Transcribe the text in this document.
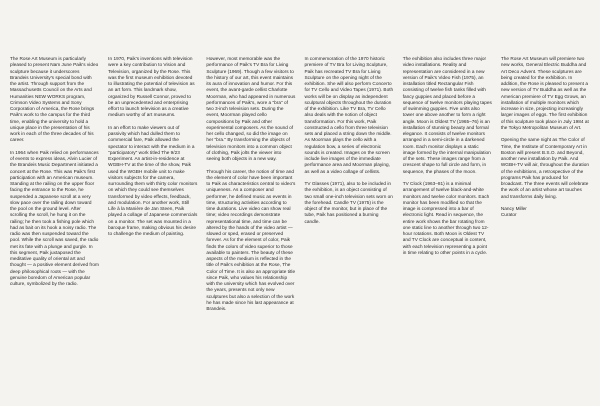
The Rose Art Museum is particularly pleased to present Nam June Paik's video sculpture because it underscores Brandeis University's special bond with the artist. Through support from the Massachusetts Council on the Arts and Humanities NEW WORKS program, Crimson Video Systems and Sony Corporation of America, the Rose brings Paik's work to the campus for the third time, enabling the university to hold a unique place in the presentation of his work in each of the three decades of his career.

In 1964 when Paik relied on performances of events to express ideas, Alvin Lucier of the Brandeis Music Department initiated a concert at the Rose. This was Paik's first participation with an American museum. Standing at the railing on the upper floor facing the entrance to the Rose, he suspended a Japanese scroll at a very slow pace over the railing down toward the pool on the ground level. After scrolling the scroll, he hung it on the railing; he then took a fishing pole which had as bait on its hook a noisy radio. The radio was then suspended toward the pool. While the scroll was saved, the radio met its fate with a plunge and gurgle. In this segment, Paik juxtaposed the meditative quality of oriental art and thought — a positive element derived from deep philosophical roots — with the genuine boredom of American popular culture, symbolized by the radio.

In 1970, Paik's inventions with television were a key contribution to Vision and Television, organized by the Rose. This was the first museum exhibition devoted to illustrating the potential of television as an art form. This landmark show, organized by Russell Connor, proved to be an unprecedented and enterprising effort to launch television as a creative medium worthy of art museums.

In an effort to make viewers out of passivity which had dulled them to commercial fare, Paik allowed the spectator to interact with the medium in a "participatory" work titled The 9/23 Experiment. An artist-in-residence at WGBH-TV at the time of the show, Paik used the WGBH mobile unit to make visitors subjects for the camera, surrounding them with thirty color monitors on which they could see themselves transformed by video effects, feedback, and modulation. For another work, Still Life à la Manière de Jan Steen, Paik played a collage of Japanese commercials on a monitor. The set was mounted in a baroque frame, making obvious his desire to challenge the medium of painting.

However, most memorable was the performance of Paik's TV Bra for Living Sculpture (1969). Though a few visitors to the history of our art, this event maintains its aura of innovation and humor. For this event, the avant-garde cellist Charlotte Moorman, who had appeared in numerous performances of Paik's, wore a "bra" of two 3-inch television sets. During the event, Moorman played cello compositions by Paik and other experimental composers. As the sound of her cello changed, so did the image on her "bra." By transforming the objects of television monitors into a common object of clothing, Paik jolts the viewer into seeing both objects in a new way.

Through his career, the notion of time and the element of color have been important to Paik as characteristics central to video's uniqueness. As a composer and performer, he defined music as events in time, structuring activities according to time durations. Live video can show real time; video recordings demonstrate representational time, and time can be altered by the hands of the video artist — slowed or sped, erased or preserved forever. As for the element of color, Paik finds the colors of video superior to those available to painters. The beauty of these aspects of the medium is reflected in the title of Paik's exhibition at the Rose, The Color of Time. It is also an appropriate title since Paik, who values his relationship with the university which has evolved over the years, presents not only new sculptures but also a selection of the work he has made since his last appearance at Brandeis.

In commemoration of the 1970 historic premiere of TV Bra for Living Sculpture, Paik has recreated TV Bra for Living Sculpture on the opening night of the exhibition. She will also perform Concerto for TV Cello and Video Tapes (1971). Both works will be on display as independent sculptural objects throughout the duration of the exhibition. Like TV Bra, TV Cello also deals with the notion of object transformation. For this work, Paik constructed a cello from three television sets and placed a string down the middle. As Moorman plays the cello with a regulation bow, a series of electronic sounds is created. Images on the screen include live images of the immediate performance area and Moorman playing, as well as a video collage of cellists.

TV Glasses (1971), also to be included in the exhibition, is an object consisting of two small one-inch television sets worn on the forehead. Candle TV (1975) is the object of the monitor, but in place of the tube, Paik has positioned a burning candle.

The exhibition also includes three major video installations. Reality and representation are considered in a new version of Paik's Video Fish (1975), an installation titled Rectangular Fish consisting of twelve fish tanks filled with fancy guppies and placed before a sequence of twelve monitors playing tapes of swimming guppies. Five units also tower one above another to form a right angle. Moon is Oldest TV (1965–76) is an installation of stunning beauty and formal elegance. It consists of twelve monitors arranged in a semi-circle in a darkened room. Each monitor displays a static image formed by the internal manipulation of the sets. These images range from a crescent shape to full circle and form, in sequence, the phases of the moon.

TV Clock (1963–81) is a minimal arrangement of twelve black-and-white monitors and twelve color monitors. Each monitor has been modified so that the image is compressed into a bar of electronic light. Read in sequence, the entire work shows the bar rotating from one static line to another through two 12-hour rotations. Both Moon is Oldest TV and TV Clock are conceptual in content, with each television representing a point in time relating to other points in a cycle.

The Rose Art Museum will premiere two new works, General Electric Buddha and Art Deco Advent. These sculptures are being created for the exhibition. In addition, the Rose is pleased to present a new version of TV Buddha as well as the American premiere of TV Egg Grows, an installation of multiple monitors which increase in size, projecting increasingly larger images of eggs. The first exhibition of this sculpture took place in July 1984 at the Tokyo Metropolitan Museum of Art.

Opening the same night as The Color of Time, the Institute of Contemporary Art in Boston will present B.S.O. and Beyond, another new installation by Paik. And WGBH-TV will air, throughout the duration of the exhibitions, a retrospective of the programs Paik has produced for broadcast. The three events will celebrate the work of an artist whose art touches and transforms daily living.

Nancy Miller
Curator
